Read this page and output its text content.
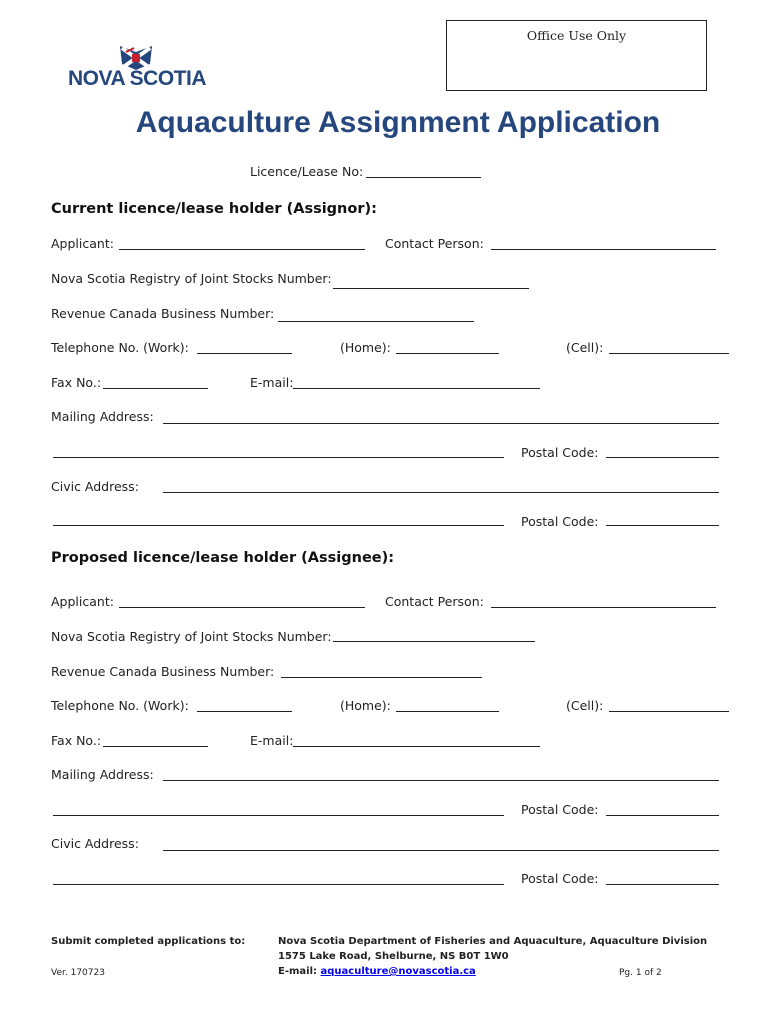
NOVA SCOTIA
Office Use Only
Aquaculture Assignment Application
Licence/Lease No:
Current licence/lease holder (Assignor):
Applicant:	Contact Person:
Nova Scotia Registry of Joint Stocks Number:
Revenue Canada Business Number:
Telephone No. (Work):	(Home):	(Cell):
Fax No.:	E-mail:
Mailing Address:
Postal Code:
Civic Address:
Postal Code:
Proposed licence/lease holder (Assignee):
Applicant:	Contact Person:
Nova Scotia Registry of Joint Stocks Number:
Revenue Canada Business Number:
Telephone No. (Work):	(Home):	(Cell):
Fax No.:	E-mail:
Mailing Address:
Postal Code:
Civic Address:
Postal Code:
Submit completed applications to:	Nova Scotia Department of Fisheries and Aquaculture, Aquaculture Division
1575 Lake Road, Shelburne, NS B0T 1W0
E-mail: aquaculture@novascotia.ca
Ver. 170723	Pg. 1 of 2
